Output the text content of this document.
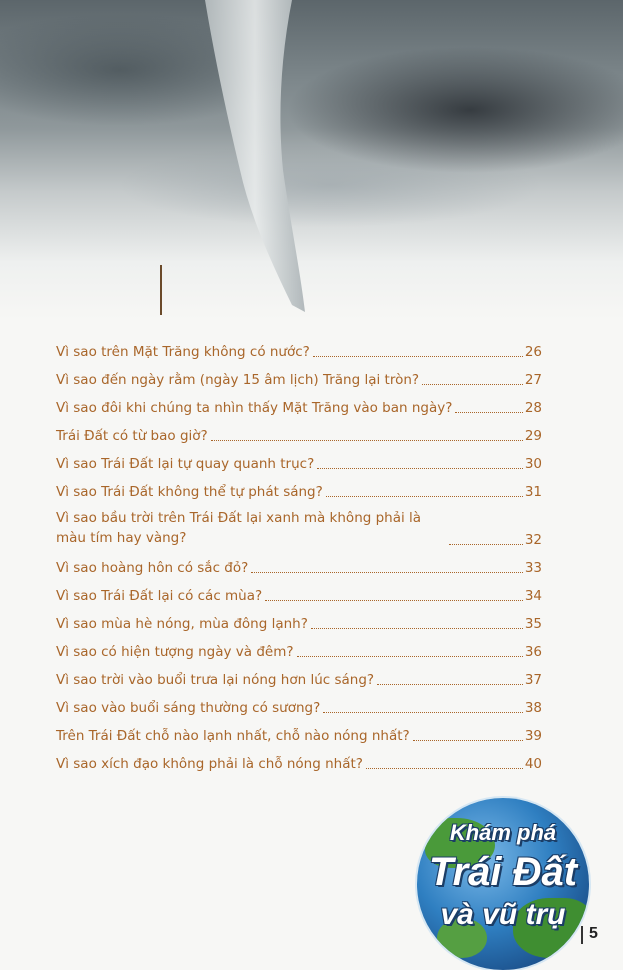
Vì sao trên Mặt Trăng không có nước?	26
Vì sao đến ngày rằm (ngày 15 âm lịch) Trăng lại tròn?	27
Vì sao đôi khi chúng ta nhìn thấy Mặt Trăng vào ban ngày?	28
Trái Đất có từ bao giờ?	29
Vì sao Trái Đất lại tự quay quanh trục?	30
Vì sao Trái Đất không thể tự phát sáng?	31
Vì sao bầu trời trên Trái Đất lại xanh mà không phải là màu tím hay vàng?	32
Vì sao hoàng hôn có sắc đỏ?	33
Vì sao Trái Đất lại có các mùa?	34
Vì sao mùa hè nóng, mùa đông lạnh?	35
Vì sao có hiện tượng ngày và đêm?	36
Vì sao trời vào buổi trưa lại nóng hơn lúc sáng?	37
Vì sao vào buổi sáng thường có sương?	38
Trên Trái Đất chỗ nào lạnh nhất, chỗ nào nóng nhất?	39
Vì sao xích đạo không phải là chỗ nóng nhất?	40
Khám phá
Trái Đất
và vũ trụ
5
